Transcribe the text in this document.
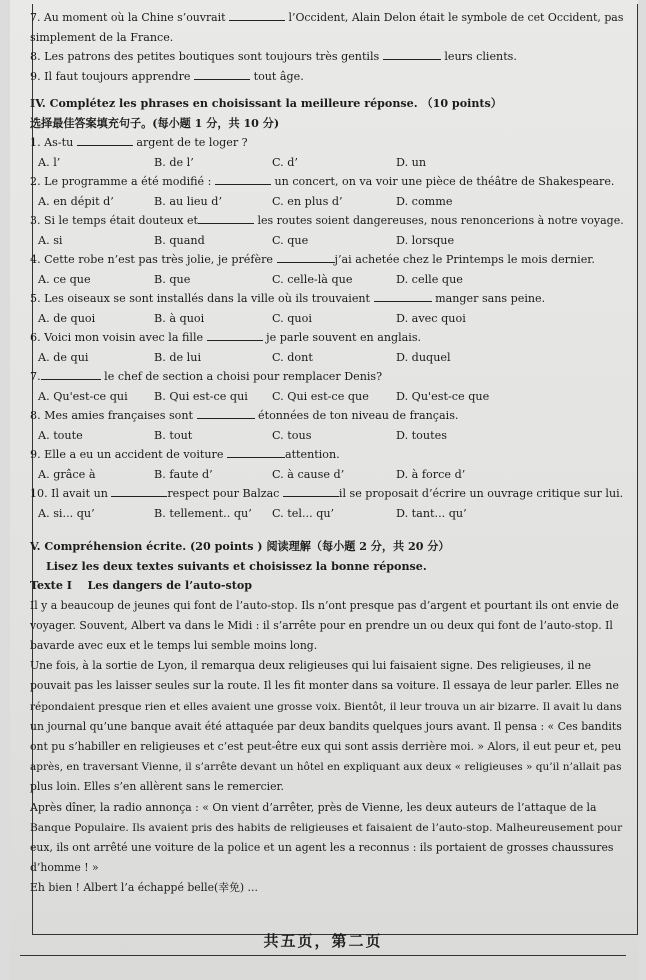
7. Au moment où la Chine s’ouvrait	l’Occident, Alain Delon était le symbole de cet Occident, pas
simplement de la France.
8. Les patrons des petites boutiques sont toujours très gentils	leurs clients.
9. Il faut toujours apprendre	tout âge.
IV. Complétez les phrases en choisissant la meilleure réponse. （10 points）
选择最佳答案填充句子。(每小题 1 分，共 10 分)
1. As-tu	argent de te loger ?
A. l’	B. de l’	C. d’	D. un
2. Le programme a été modifié :	un concert, on va voir une pièce de théâtre de Shakespeare.
A. en dépit d’	B. au lieu d’	C. en plus d’	D. comme
3. Si le temps était douteux et	les routes soient dangereuses, nous renoncerions à notre voyage.
A. si	B. quand	C. que	D. lorsque
4. Cette robe n’est pas très jolie, je préfère	j’ai achetée chez le Printemps le mois dernier.
A. ce que	B. que	C. celle-là que	D. celle que
5. Les oiseaux se sont installés dans la ville où ils trouvaient	manger sans peine.
A. de quoi	B. à quoi	C. quoi	D. avec quoi
6. Voici mon voisin avec la fille	je parle souvent en anglais.
A. de qui	B. de lui	C. dont	D. duquel
7.	le chef de section a choisi pour remplacer Denis?
A. Qu'est-ce qui	B. Qui est-ce qui	C. Qui est-ce que	D. Qu'est-ce que
8. Mes amies françaises sont	étonnées de ton niveau de français.
A. toute	B. tout	C. tous	D. toutes
9. Elle a eu un accident de voiture	attention.
A. grâce à	B. faute d’	C. à cause d’	D. à force d’
10. Il avait un	respect pour Balzac	il se proposait d’écrire un ouvrage critique sur lui.
A. si... qu’	B. tellement.. qu’	C. tel... qu’	D. tant... qu’
V. Compréhension écrite. (20 points ) 阅读理解（每小题 2 分，共 20 分）
Lisez les deux textes suivants et choisissez la bonne réponse.
Texte I Les dangers de l’auto-stop
Il y a beaucoup de jeunes qui font de l’auto-stop. Ils n’ont presque pas d’argent et pourtant ils ont envie de
voyager. Souvent, Albert va dans le Midi : il s’arrête pour en prendre un ou deux qui font de l’auto-stop. Il
bavarde avec eux et le temps lui semble moins long.
Une fois, à la sortie de Lyon, il remarqua deux religieuses qui lui faisaient signe. Des religieuses, il ne
pouvait pas les laisser seules sur la route. Il les fit monter dans sa voiture. Il essaya de leur parler. Elles ne
répondaient presque rien et elles avaient une grosse voix. Bientôt, il leur trouva un air bizarre. Il avait lu dans
un journal qu’une banque avait été attaquée par deux bandits quelques jours avant. Il pensa : « Ces bandits
ont pu s’habiller en religieuses et c’est peut-être eux qui sont assis derrière moi. » Alors, il eut peur et, peu
après, en traversant Vienne, il s’arrête devant un hôtel en expliquant aux deux « religieuses » qu’il n’allait pas
plus loin. Elles s’en allèrent sans le remercier.
Après dîner, la radio annonça : « On vient d’arrêter, près de Vienne, les deux auteurs de l’attaque de la
Banque Populaire. Ils avaient pris des habits de religieuses et faisaient de l’auto-stop. Malheureusement pour
eux, ils ont arrêté une voiture de la police et un agent les a reconnus : ils portaient de grosses chaussures
d’homme ! »
Eh bien ! Albert l’a échappé belle(幸免) ...
共五页，第二页
